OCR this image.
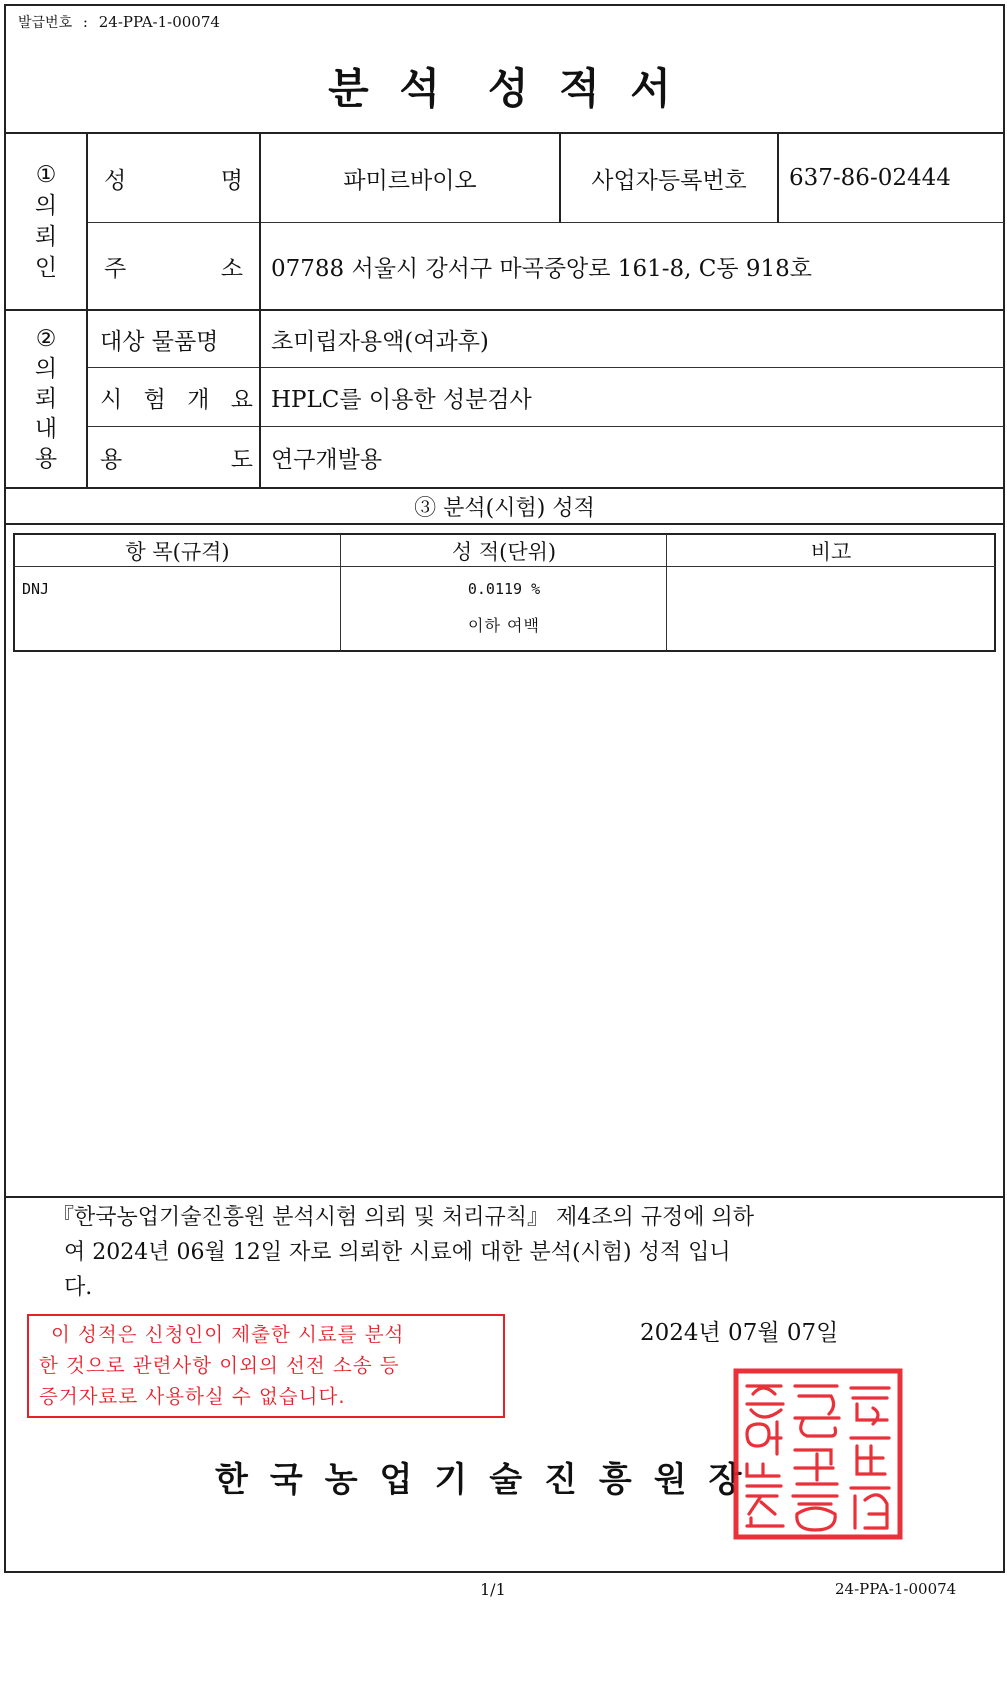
발급번호 : 24-PPA-1-00074
분 석 성 적 서
①
의
뢰
인
성	명	파미르바이오	사업자등록번호	637-86-02444
주	소	07788 서울시 강서구 마곡중앙로 161-8, C동 918호
②
의
뢰
내
용
대상 물품명	초미립자용액(여과후)
시 험 개 요 HPLC를 이용한 성분검사
용	도 연구개발용
③ 분석(시험) 성적
항 목(규격)	성 적(단위)	비고
DNJ	0.0119 %
이하 여백
『한국농업기술진흥원 분석시험 의뢰 및 처리규칙』 제4조의 규정에 의하
여 2024년 06월 12일 자로 의뢰한 시료에 대한 분석(시험) 성적 입니
다.
이 성적은 신청인이 제출한 시료를 분석
한 것으로 관련사항 이외의 선전 소송 등
증거자료로 사용하실 수 없습니다.
2024년 07월 07일
한국농업기술진흥원장
1/1	24-PPA-1-00074
